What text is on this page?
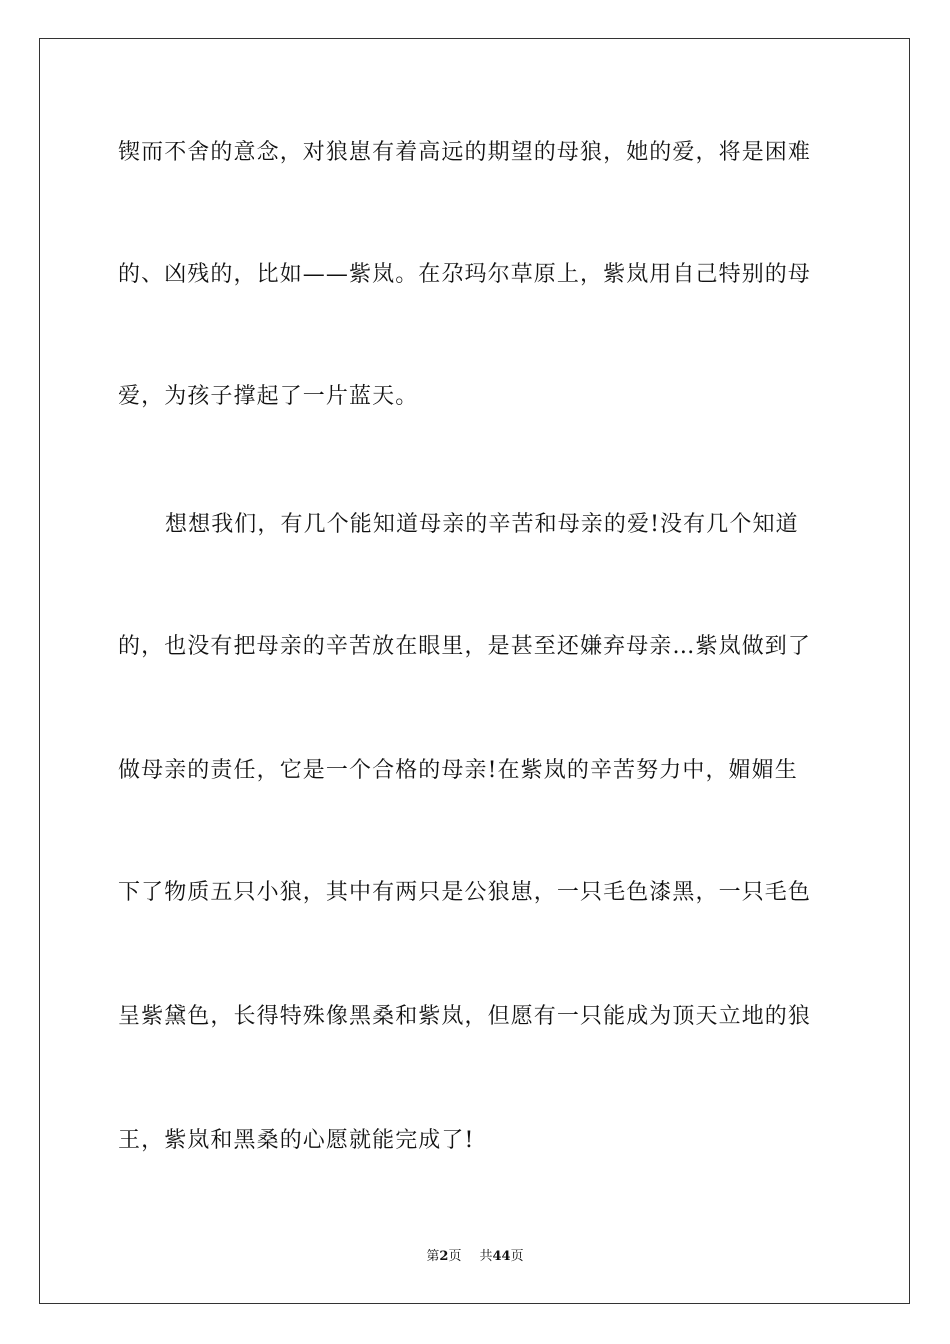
锲而不舍的意念，对狼崽有着高远的期望的母狼，她的爱，将是困难
的、凶残的，比如——紫岚。在尕玛尔草原上，紫岚用自己特别的母
爱，为孩子撑起了一片蓝天。
想想我们，有几个能知道母亲的辛苦和母亲的爱!没有几个知道
的，也没有把母亲的辛苦放在眼里，是甚至还嫌弃母亲…紫岚做到了
做母亲的责任，它是一个合格的母亲!在紫岚的辛苦努力中，媚媚生
下了物质五只小狼，其中有两只是公狼崽，一只毛色漆黑，一只毛色
呈紫黛色，长得特殊像黑桑和紫岚，但愿有一只能成为顶天立地的狼
王，紫岚和黑桑的心愿就能完成了!
第2页 共44页
